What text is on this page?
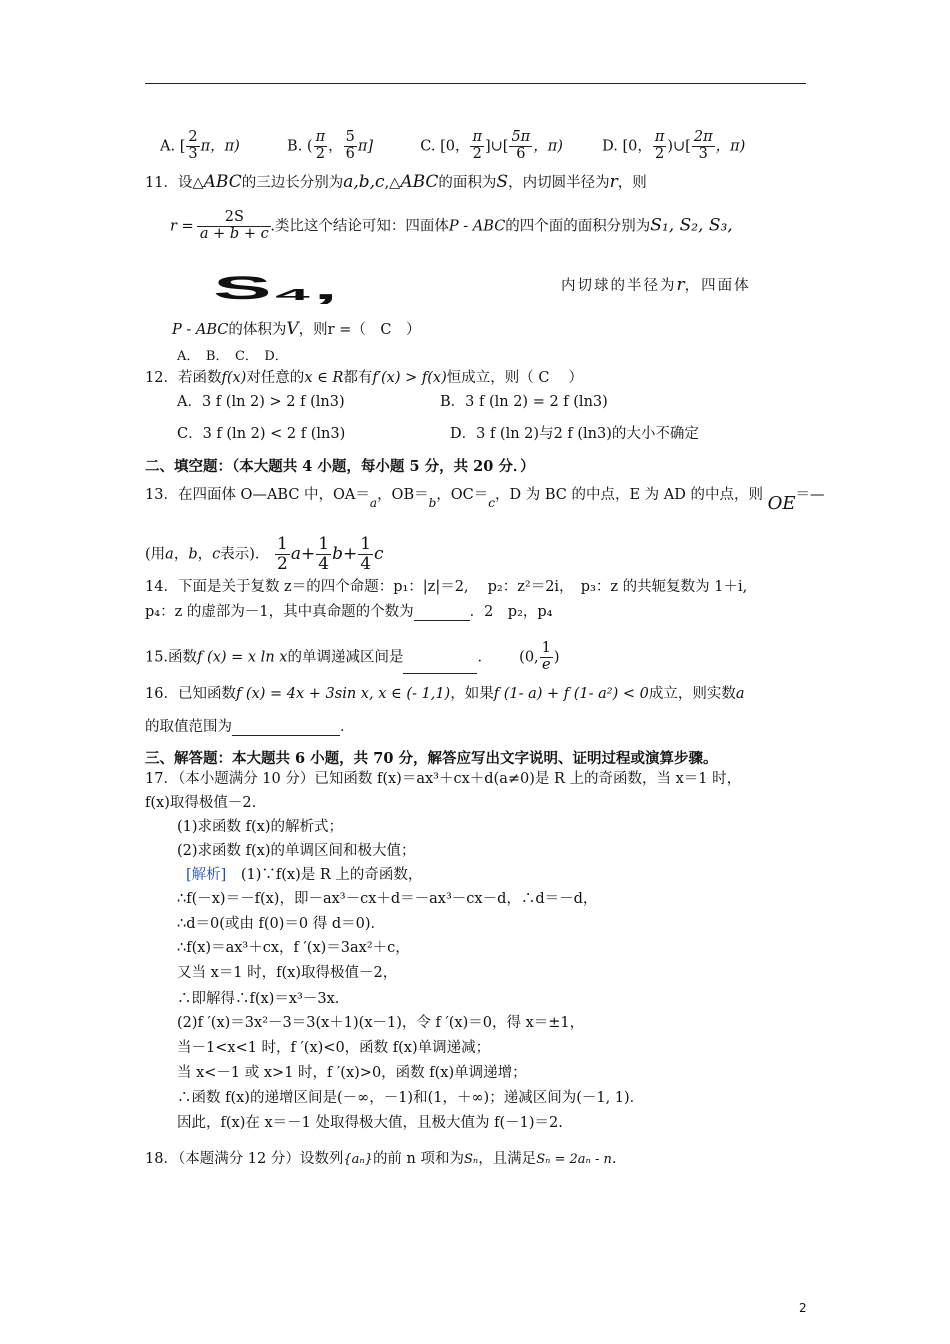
A. [ $\frac{2}{3}$ π，π)	B. ( $\frac{\pi}{2}$ ， $\frac{5}{6} \pi$]	C. [0， $\frac{\pi}{2}$ ]∪[ $\frac{5\pi}{6}$ ，π)	D. [0， $\frac{\pi}{2}$ )∪[ $\frac{2\pi}{3}$ ，π)
11．设△ABC的三边长分别为a,b,c,△ABC的面积为S，内切圆半径为r，则
$r = \frac{2S}{a + b + c}$ .类比这个结论可知：四面体P - ABC的四个面的面积分别为S₁, S₂, S₃,
S₄,	内切球的半径为r，四面体
P - ABC的体积为V，则r =（　C　）
A．　B．　C．　D．
12．若函数f(x)对任意的x ∈ R都有f′(x) > f(x)恒成立，则（ C　 ）
A．3 f (ln 2) > 2 f (ln3)	B．3 f (ln 2) = 2 f (ln3)
C．3 f (ln 2) < 2 f (ln3)	D．3 f (ln 2)与2 f (ln3)的大小不确定
二、填空题：（本大题共 4 小题，每小题 5 分，共 20 分．）
13．在四面体 O—ABC 中，$OA=_a$，$OB=_b$，$OC=_c$，D 为 BC 的中点，E 为 AD 的中点，则 OE＝—
(用a，b，c表示)． $\frac{1}{2} a+ \frac{1}{4} b+ \frac{1}{4}$ c
14．下面是关于复数 z＝的四个命题：p₁：|z|＝2,　 p₂：z²＝2i，　p₃：z 的共轭复数为 1＋i,
p₄：z 的虚部为－1，其中真命题的个数为	．2　p₂，p₄
15.函数f (x) = x ln x的单调递减区间是	． (0, $\frac{1}{e}$ )
16．已知函数f (x) = 4x + 3sin x, x ∈ (- 1,1)，如果f (1- a) + f (1- a²) < 0成立，则实数a
的取值范围为	．
三、解答题：本大题共 6 小题，共 70 分，解答应写出文字说明、证明过程或演算步骤。
17．（本小题满分 10 分）已知函数 f(x)＝ax³＋cx＋d(a≠0)是 R 上的奇函数，当 x＝1 时，
f(x)取得极值－2.
(1)求函数 f(x)的解析式；
(2)求函数 f(x)的单调区间和极大值；
[解析]　(1)∵f(x)是 R 上的奇函数，
∴f(－x)＝－f(x)，即－ax³－cx＋d＝－ax³－cx－d，∴d＝－d，
∴d＝0(或由 f(0)＝0 得 d＝0)．
∴f(x)＝ax³＋cx，f ′(x)＝3ax²＋c，
又当 x＝1 时，f(x)取得极值－2，
∴即解得∴f(x)＝x³－3x.
(2)f ′(x)＝3x²－3＝3(x＋1)(x－1)，令 f ′(x)＝0，得 x＝±1，
当－1<x<1 时，f ′(x)<0，函数 f(x)单调递减；
当 x<－1 或 x>1 时，f ′(x)>0，函数 f(x)单调递增；
∴函数 f(x)的递增区间是(－∞，－1)和(1，＋∞)；递减区间为(－1, 1)．
因此，f(x)在 x＝－1 处取得极大值，且极大值为 f(－1)＝2.
18．（本题满分 12 分）设数列{aₙ}的前 n 项和为Sₙ，且满足Sₙ = 2aₙ - n.
2
